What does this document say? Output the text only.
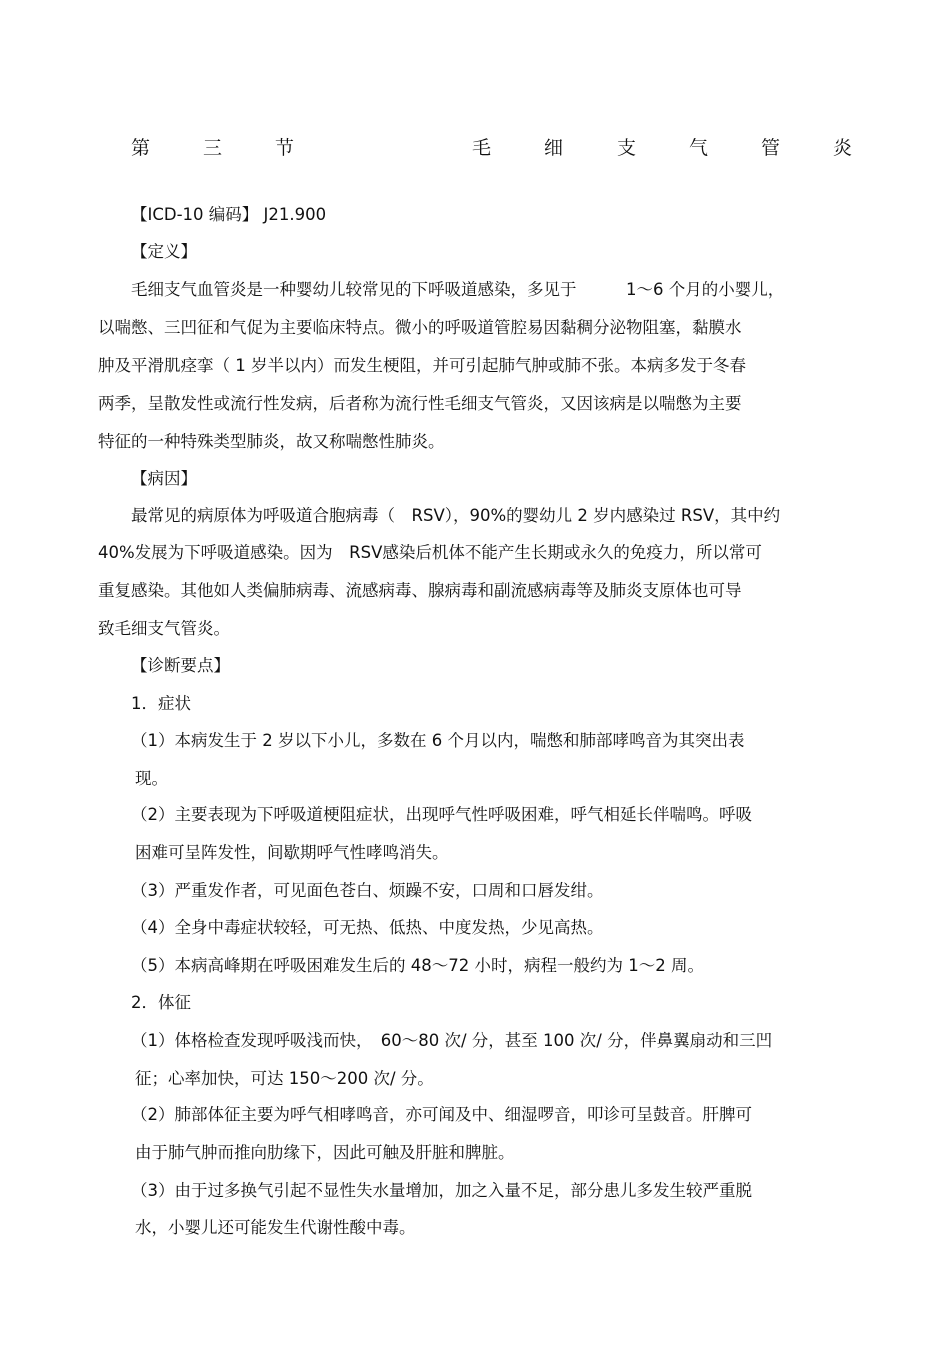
第	三	节	毛	细	支	气	管	炎

【ICD-10 编码】 J21.900

【定义】

毛细支气血管炎是一种婴幼儿较常见的下呼吸道感染，多见于　　　1～6 个月的小婴儿，

以喘憋、三凹征和气促为主要临床特点。微小的呼吸道管腔易因黏稠分泌物阻塞，黏膜水

肿及平滑肌痉挛（ 1 岁半以内）而发生梗阻，并可引起肺气肿或肺不张。本病多发于冬春

两季，呈散发性或流行性发病，后者称为流行性毛细支气管炎，又因该病是以喘憋为主要

特征的一种特殊类型肺炎，故又称喘憋性肺炎。

【病因】

最常见的病原体为呼吸道合胞病毒（　RSV），90%的婴幼儿 2 岁内感染过 RSV，其中约

40%发展为下呼吸道感染。因为　RSV感染后机体不能产生长期或永久的免疫力，所以常可

重复感染。其他如人类偏肺病毒、流感病毒、腺病毒和副流感病毒等及肺炎支原体也可导

致毛细支气管炎。

【诊断要点】

1．症状

（1）本病发生于 2 岁以下小儿，多数在 6 个月以内，喘憋和肺部哮鸣音为其突出表

现。

（2）主要表现为下呼吸道梗阻症状，出现呼气性呼吸困难，呼气相延长伴喘鸣。呼吸

困难可呈阵发性，间歇期呼气性哮鸣消失。

（3）严重发作者，可见面色苍白、烦躁不安，口周和口唇发绀。

（4）全身中毒症状较轻，可无热、低热、中度发热，少见高热。

（5）本病高峰期在呼吸困难发生后的 48～72 小时，病程一般约为 1～2 周。

2．体征

（1）体格检查发现呼吸浅而快，　60～80 次/ 分，甚至 100 次/ 分，伴鼻翼扇动和三凹

征；心率加快，可达 150～200 次/ 分。

（2）肺部体征主要为呼气相哮鸣音，亦可闻及中、细湿啰音，叩诊可呈鼓音。肝脾可

由于肺气肿而推向肋缘下，因此可触及肝脏和脾脏。

（3）由于过多换气引起不显性失水量增加，加之入量不足，部分患儿多发生较严重脱

水，小婴儿还可能发生代谢性酸中毒。
